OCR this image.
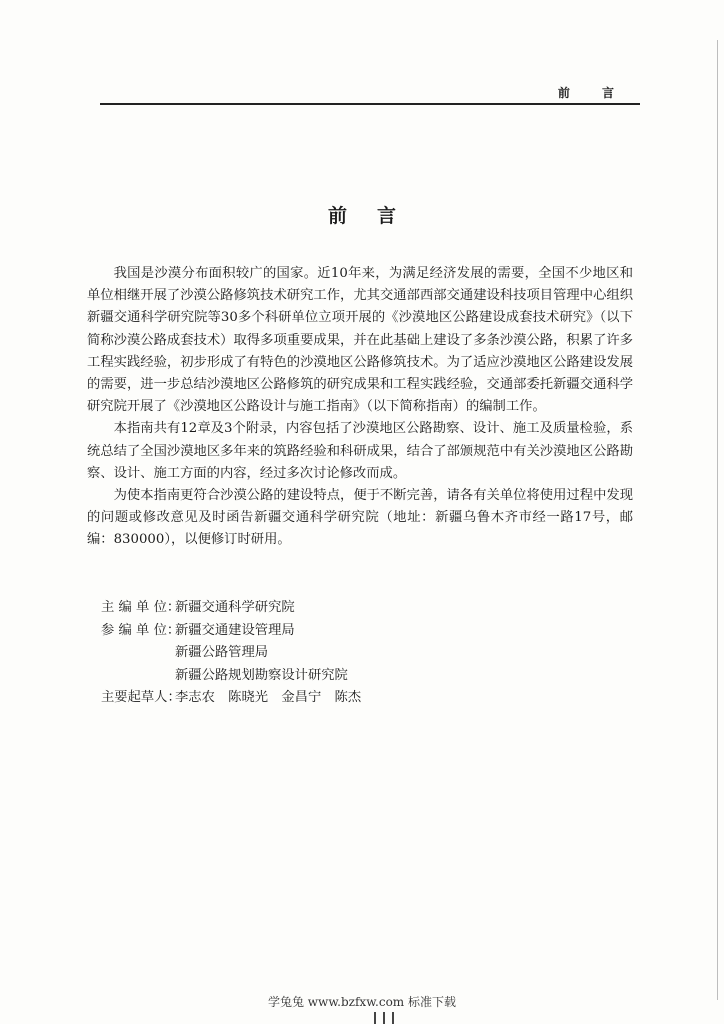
前 言
前言

我国是沙漠分布面积较广的国家。近10年来，为满足经济发展的需要，全国不少地区和单位相继开展了沙漠公路修筑技术研究工作，尤其交通部西部交通建设科技项目管理中心组织新疆交通科学研究院等30多个科研单位立项开展的《沙漠地区公路建设成套技术研究》（以下简称沙漠公路成套技术）取得多项重要成果，并在此基础上建设了多条沙漠公路，积累了许多工程实践经验，初步形成了有特色的沙漠地区公路修筑技术。为了适应沙漠地区公路建设发展的需要，进一步总结沙漠地区公路修筑的研究成果和工程实践经验，交通部委托新疆交通科学研究院开展了《沙漠地区公路设计与施工指南》（以下简称指南）的编制工作。

本指南共有12章及3个附录，内容包括了沙漠地区公路勘察、设计、施工及质量检验，系统总结了全国沙漠地区多年来的筑路经验和科研成果，结合了部颁规范中有关沙漠地区公路勘察、设计、施工方面的内容，经过多次讨论修改而成。

为使本指南更符合沙漠公路的建设特点，便于不断完善，请各有关单位将使用过程中发现的问题或修改意见及时函告新疆交通科学研究院（地址：新疆乌鲁木齐市经一路17号，邮编：830000），以便修订时研用。

主 编 单 位：
新疆交通科学研究院
参 编 单 位：
新疆交通建设管理局
新疆公路管理局
新疆公路规划勘察设计研究院
主要起草人：
李志农　陈晓光　金昌宁　陈杰
学兔兔 www.bzfxw.com 标准下载
